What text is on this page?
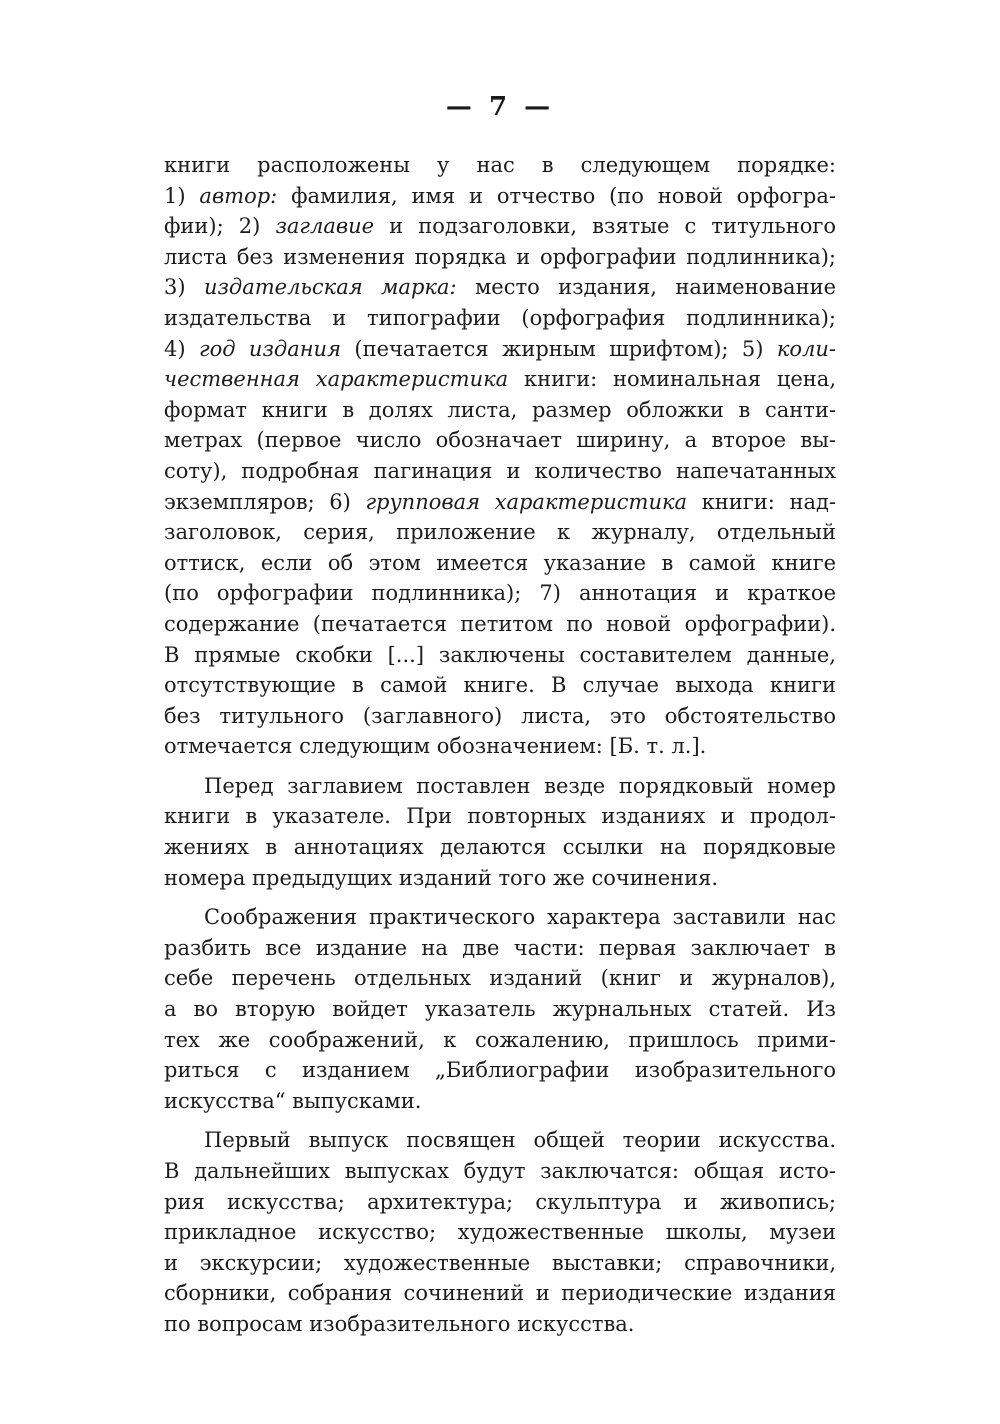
— 7 —
книги расположены у нас в следующем порядке:
1) автор: фамилия, имя и отчество (по новой орфогра-
фии); 2) заглавие и подзаголовки, взятые с титульного
листа без изменения порядка и орфографии подлинника);
3) издательская марка: место издания, наименование
издательства и типографии (орфография подлинника);
4) год издания (печатается жирным шрифтом); 5) коли-
чественная характеристика книги: номинальная цена,
формат книги в долях листа, размер обложки в санти-
метрах (первое число обозначает ширину, а второе вы-
соту), подробная пагинация и количество напечатанных
экземпляров; 6) групповая характеристика книги: над-
заголовок, серия, приложение к журналу, отдельный
оттиск, если об этом имеется указание в самой книге
(по орфографии подлинника); 7) аннотация и краткое
содержание (печатается петитом по новой орфографии).
В прямые скобки [...] заключены составителем данные,
отсутствующие в самой книге. В случае выхода книги
без титульного (заглавного) листа, это обстоятельство
отмечается следующим обозначением: [Б. т. л.].
Перед заглавием поставлен везде порядковый номер
книги в указателе. При повторных изданиях и продол-
жениях в аннотациях делаются ссылки на порядковые
номера предыдущих изданий того же сочинения.
Соображения практического характера заставили нас
разбить все издание на две части: первая заключает в
себе перечень отдельных изданий (книг и журналов),
а во вторую войдет указатель журнальных статей. Из
тех же соображений, к сожалению, пришлось прими-
риться с изданием „Библиографии изобразительного
искусства“ выпусками.
Первый выпуск посвящен общей теории искусства.
В дальнейших выпусках будут заключатся: общая исто-
рия искусства; архитектура; скульптура и живопись;
прикладное искусство; художественные школы, музеи
и экскурсии; художественные выставки; справочники,
сборники, собрания сочинений и периодические издания
по вопросам изобразительного искусства.
